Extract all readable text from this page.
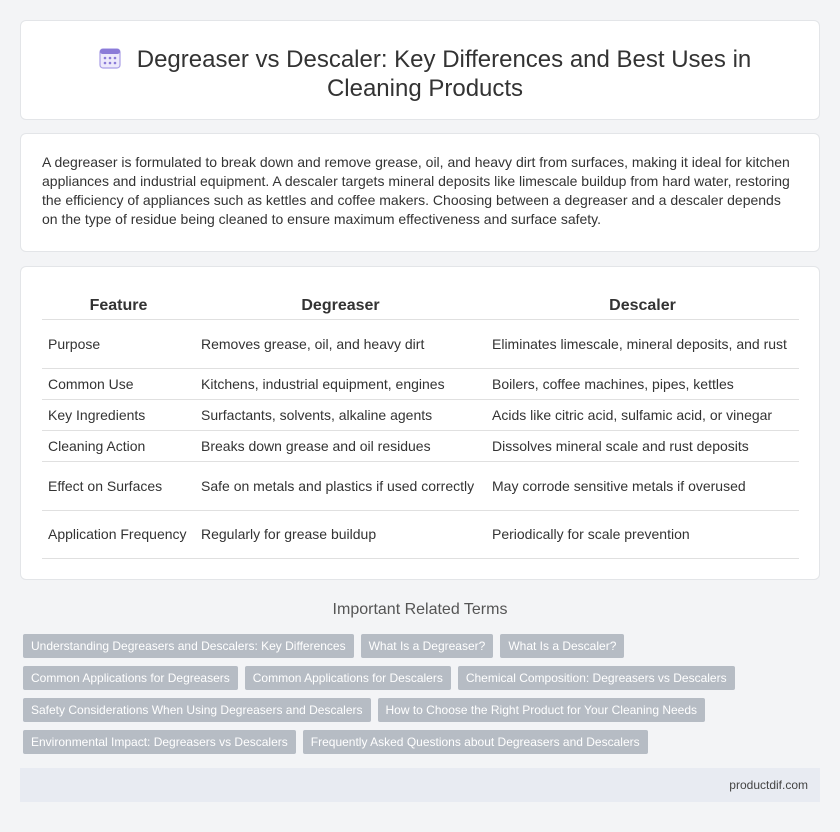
Degreaser vs Descaler: Key Differences and Best Uses in Cleaning Products

A degreaser is formulated to break down and remove grease, oil, and heavy dirt from surfaces, making it ideal for kitchen appliances and industrial equipment. A descaler targets mineral deposits like limescale buildup from hard water, restoring the efficiency of appliances such as kettles and coffee makers. Choosing between a degreaser and a descaler depends on the type of residue being cleaned to ensure maximum effectiveness and surface safety.

Feature	Degreaser	Descaler
Purpose	Removes grease, oil, and heavy dirt	Eliminates limescale, mineral deposits, and rust
Common Use	Kitchens, industrial equipment, engines	Boilers, coffee machines, pipes, kettles
Key Ingredients	Surfactants, solvents, alkaline agents	Acids like citric acid, sulfamic acid, or vinegar
Cleaning Action	Breaks down grease and oil residues	Dissolves mineral scale and rust deposits
Effect on Surfaces	Safe on metals and plastics if used correctly	May corrode sensitive metals if overused
Application Frequency	Regularly for grease buildup	Periodically for scale prevention
Important Related Terms
Understanding Degreasers and Descalers: Key Differences	What Is a Degreaser?	What Is a Descaler?
Common Applications for Degreasers	Common Applications for Descalers	Chemical Composition: Degreasers vs Descalers
Safety Considerations When Using Degreasers and Descalers	How to Choose the Right Product for Your Cleaning Needs
Environmental Impact: Degreasers vs Descalers	Frequently Asked Questions about Degreasers and Descalers
productdif.com
